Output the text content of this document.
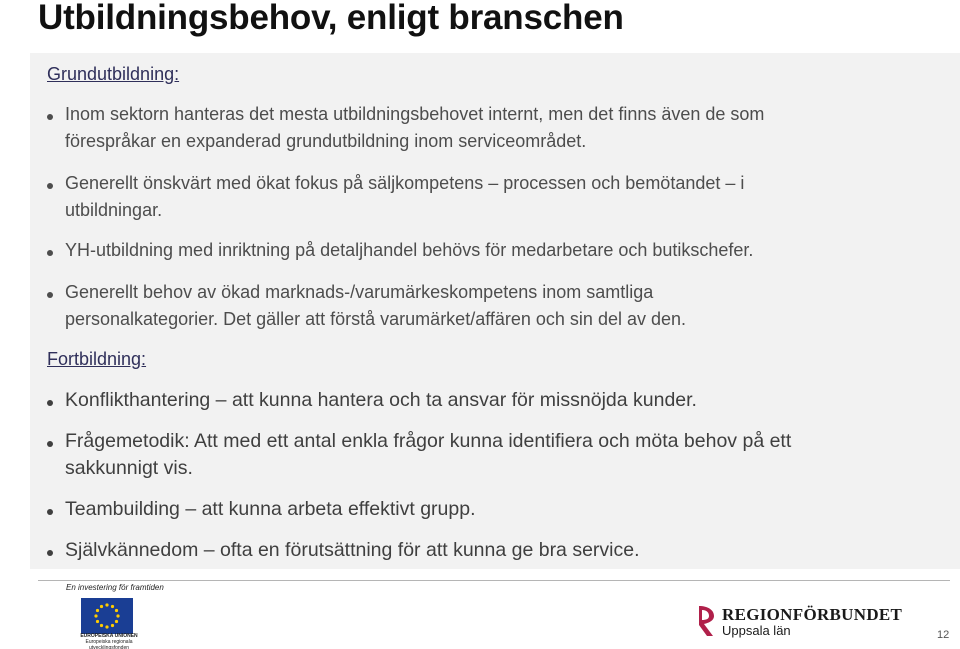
Utbildningsbehov, enligt branschen
Grundutbildning:
Inom sektorn hanteras det mesta utbildningsbehovet internt, men det finns även de som
förespråkar en expanderad grundutbildning inom serviceområdet.
Generellt önskvärt med ökat fokus på säljkompetens – processen och bemötandet – i
utbildningar.
YH-utbildning med inriktning på detaljhandel behövs för medarbetare och butikschefer.
Generellt behov av ökad marknads-/varumärkeskompetens inom samtliga
personalkategorier. Det gäller att förstå varumärket/affären och sin del av den.
Fortbildning:
Konflikthantering – att kunna hantera och ta ansvar för missnöjda kunder.
Frågemetodik: Att med ett antal enkla frågor kunna identifiera och möta behov på ett
sakkunnigt vis.
Teambuilding – att kunna arbeta effektivt grupp.
Självkännedom – ofta en förutsättning för att kunna ge bra service.
En investering för framtiden
EUROPEISKA UNIONEN
Europeiska regionala
utvecklingsfonden
REGIONFÖRBUNDET
Uppsala län	12
